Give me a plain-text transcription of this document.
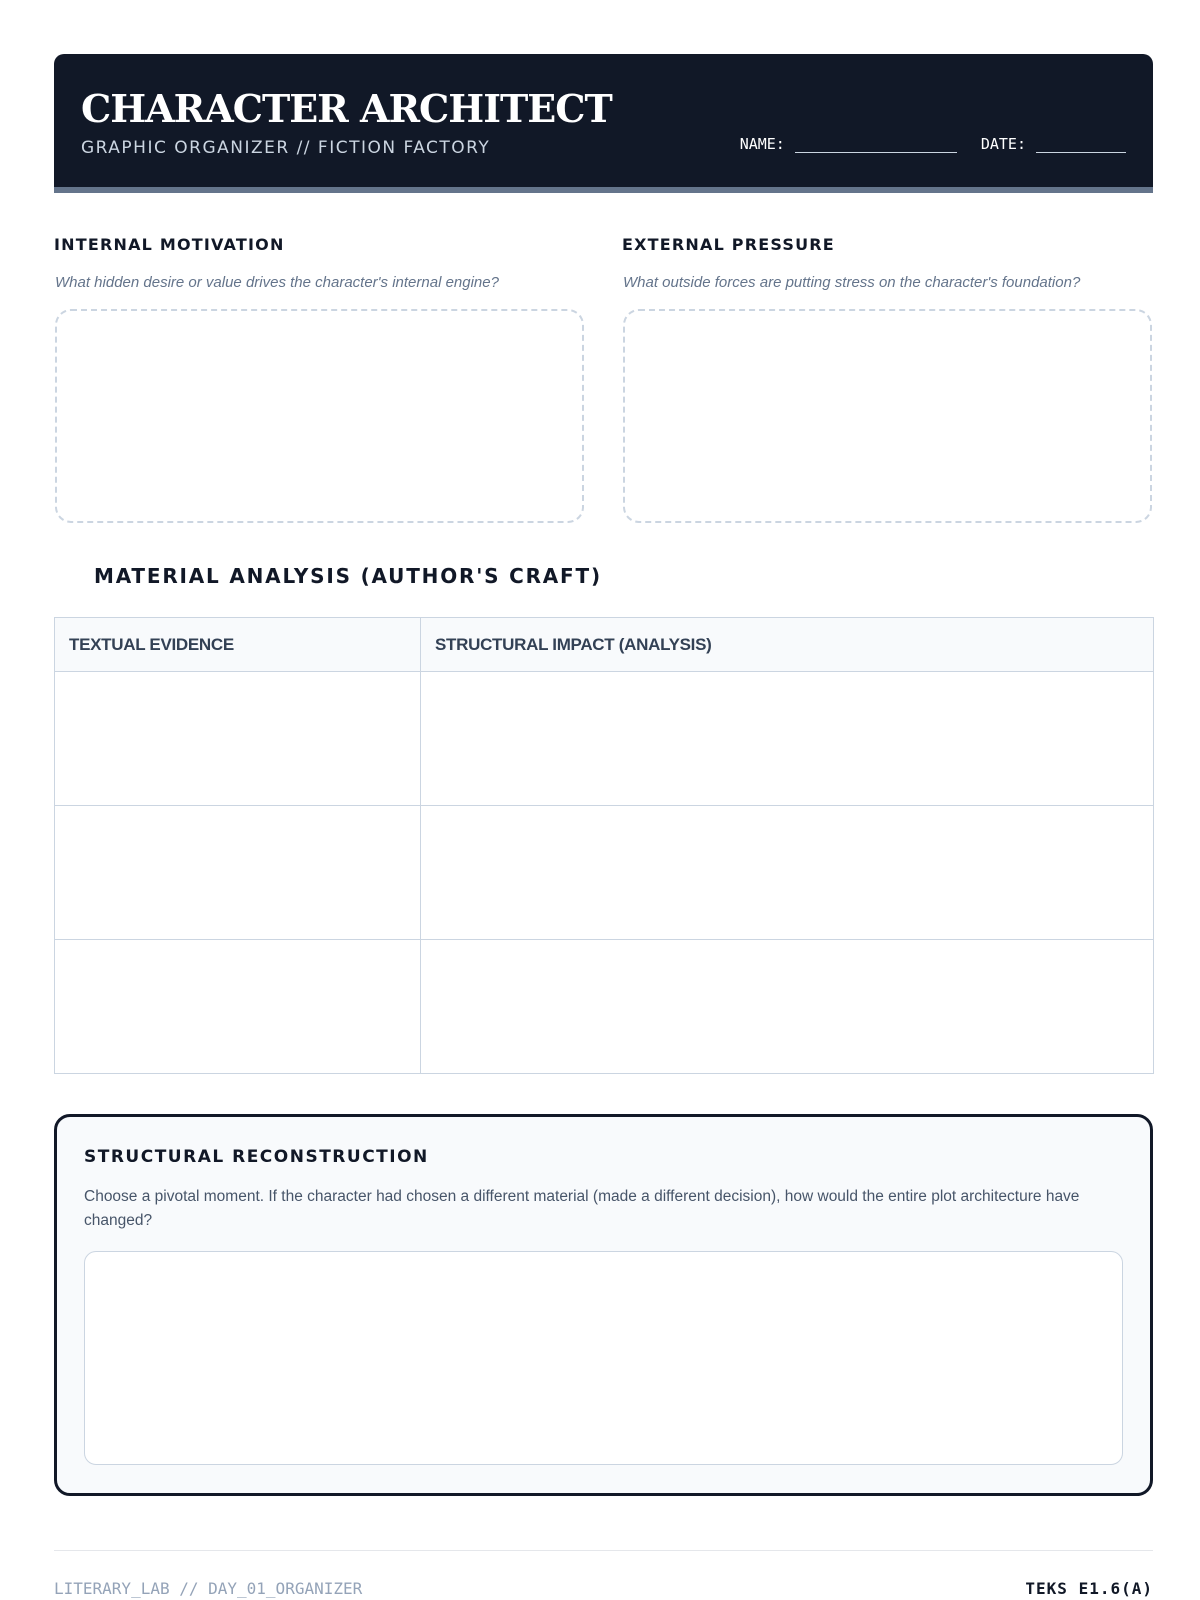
CHARACTER ARCHITECT
GRAPHIC ORGANIZER // FICTION FACTORY	NAME:	DATE:
INTERNAL MOTIVATION
What hidden desire or value drives the character's internal engine?
EXTERNAL PRESSURE
What outside forces are putting stress on the character's foundation?
MATERIAL ANALYSIS (AUTHOR'S CRAFT)
TEXTUAL EVIDENCE	STRUCTURAL IMPACT (ANALYSIS)

STRUCTURAL RECONSTRUCTION
Choose a pivotal moment. If the character had chosen a different material (made a different decision), how would the entire plot architecture have changed?
LITERARY_LAB // DAY_01_ORGANIZER	TEKS E1.6(A)
